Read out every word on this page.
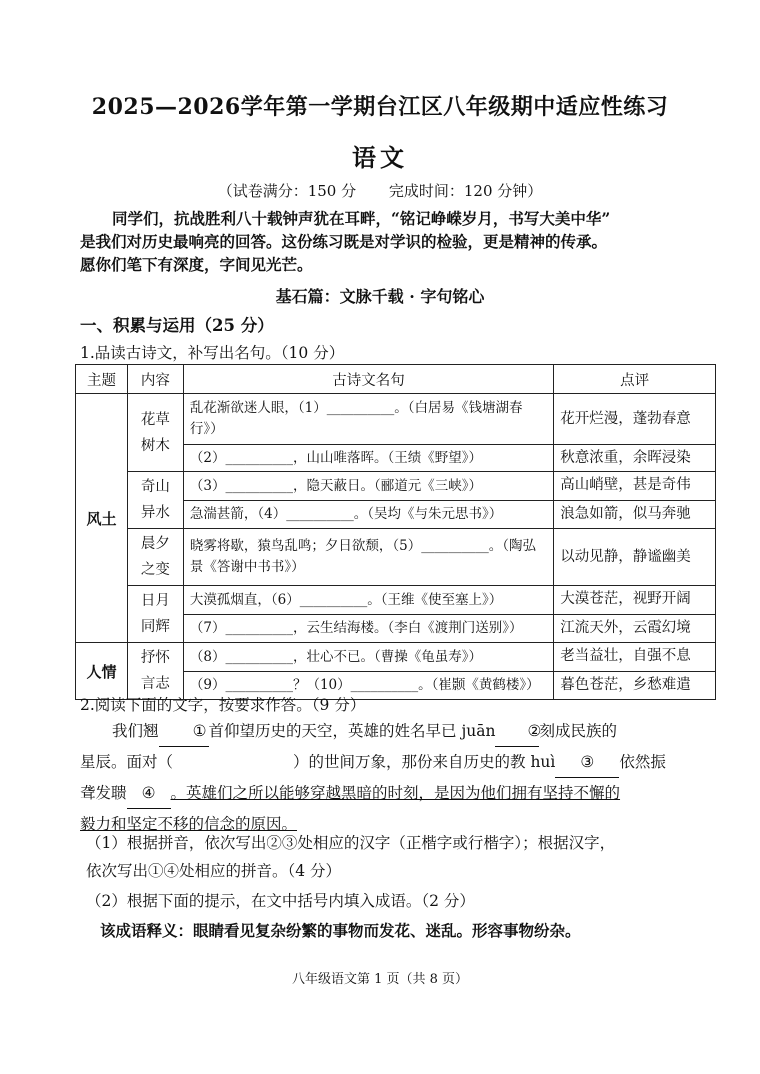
2025—2026学年第一学期台江区八年级期中适应性练习
语文
（试卷满分：150 分 完成时间：120 分钟）
同学们，抗战胜利八十载钟声犹在耳畔，“铭记峥嵘岁月，书写大美中华”
是我们对历史最响亮的回答。这份练习既是对学识的检验，更是精神的传承。
愿你们笔下有深度，字间见光芒。
基石篇：文脉千载 · 字句铭心
一、积累与运用（25 分）
1.品读古诗文，补写出名句。（10 分）
主题	内容	古诗文名句	点评
风土	花草树木	乱花渐欲迷人眼，（1）__________。（白居易《钱塘湖春行》）	花开烂漫，蓬勃春意
		（2）__________，山山唯落晖。（王绩《野望》）	秋意浓重，余晖浸染
	奇山异水	（3）__________，隐天蔽日。（郦道元《三峡》）	高山峭壁，甚是奇伟
		急湍甚箭，（4）__________。（吴均《与朱元思书》）	浪急如箭，似马奔驰
	晨夕之变	晓雾将歇，猿鸟乱鸣；夕日欲颓，（5）__________。（陶弘景《答谢中书书》）	以动见静，静谧幽美
	日月同辉	大漠孤烟直，（6）__________。（王维《使至塞上》）	大漠苍茫，视野开阔
		（7）__________，云生结海楼。（李白《渡荆门送别》）	江流天外，云霞幻境
人情	抒怀言志	（8）__________，壮心不已。（曹操《龟虽寿》）	老当益壮，自强不息
		（9）__________？（10）__________。（崔颢《黄鹤楼》）	暮色苍茫，乡愁难遣
2.阅读下面的文字，按要求作答。（9 分）
我们翘 ① 首仰望历史的天空，英雄的姓名早已 juān ②刻成民族的
星辰。面对（	）的世间万象，那份来自历史的教 huì ③ 依然振
聋发聩 ④ 。英雄们之所以能够穿越黑暗的时刻，是因为他们拥有坚持不懈的
毅力和坚定不移的信念的原因。
（1）根据拼音，依次写出②③处相应的汉字（正楷字或行楷字）；根据汉字，
依次写出①④处相应的拼音。（4 分）
（2）根据下面的提示，在文中括号内填入成语。（2 分）
该成语释义：眼睛看见复杂纷繁的事物而发花、迷乱。形容事物纷杂。
八年级语文第 1 页（共 8 页）
